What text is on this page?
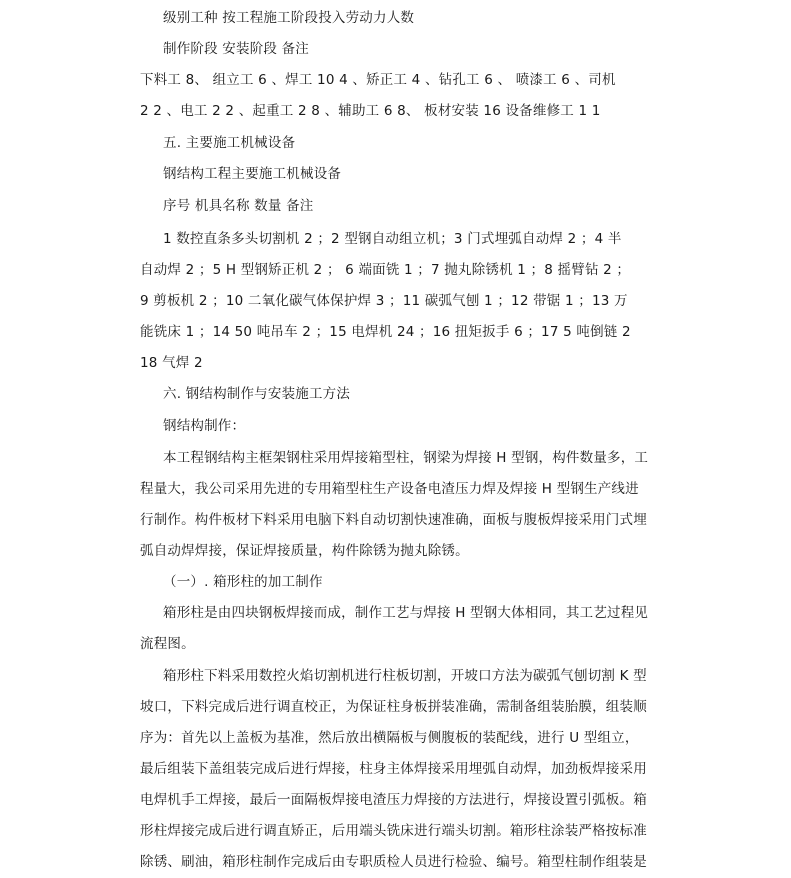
级别工种 按工程施工阶段投入劳动力人数
制作阶段 安装阶段 备注
下料工 8、 组立工 6 、焊工 10 4 、矫正工 4 、钻孔工 6 、 喷漆工 6 、司机
2 2 、电工 2 2 、起重工 2 8 、辅助工 6 8、 板材安装 16 设备维修工 1 1
五. 主要施工机械设备
钢结构工程主要施工机械设备
序号 机具名称 数量 备注
1 数控直条多头切割机 2 ；2 型钢自动组立机；3 门式埋弧自动焊 2 ；4 半
自动焊 2 ；5 H 型钢矫正机 2 ； 6 端面铣 1 ；7 抛丸除锈机 1 ；8 摇臂钻 2 ；
9 剪板机 2 ；10 二氧化碳气体保护焊 3 ；11 碳弧气刨 1 ；12 带锯 1 ；13 万
能铣床 1 ；14 50 吨吊车 2 ；15 电焊机 24 ；16 扭矩扳手 6 ；17 5 吨倒链 2
18 气焊 2
六. 钢结构制作与安装施工方法
钢结构制作：
本工程钢结构主框架钢柱采用焊接箱型柱，钢梁为焊接 H 型钢，构件数量多，工
程量大，我公司采用先进的专用箱型柱生产设备电渣压力焊及焊接 H 型钢生产线进
行制作。构件板材下料采用电脑下料自动切割快速准确，面板与腹板焊接采用门式埋
弧自动焊焊接，保证焊接质量，构件除锈为抛丸除锈。
（一）. 箱形柱的加工制作
箱形柱是由四块钢板焊接而成，制作工艺与焊接 H 型钢大体相同，其工艺过程见
流程图。
箱形柱下料采用数控火焰切割机进行柱板切割，开坡口方法为碳弧气刨切割 K 型
坡口，下料完成后进行调直校正，为保证柱身板拼装准确，需制备组装胎膜，组装顺
序为：首先以上盖板为基准，然后放出横隔板与侧腹板的装配线，进行 U 型组立，
最后组装下盖组装完成后进行焊接，柱身主体焊接采用埋弧自动焊，加劲板焊接采用
电焊机手工焊接，最后一面隔板焊接电渣压力焊接的方法进行，焊接设置引弧板。箱
形柱焊接完成后进行调直矫正，后用端头铣床进行端头切割。箱形柱涂装严格按标准
除锈、刷油，箱形柱制作完成后由专职质检人员进行检验、编号。箱型柱制作组装是
